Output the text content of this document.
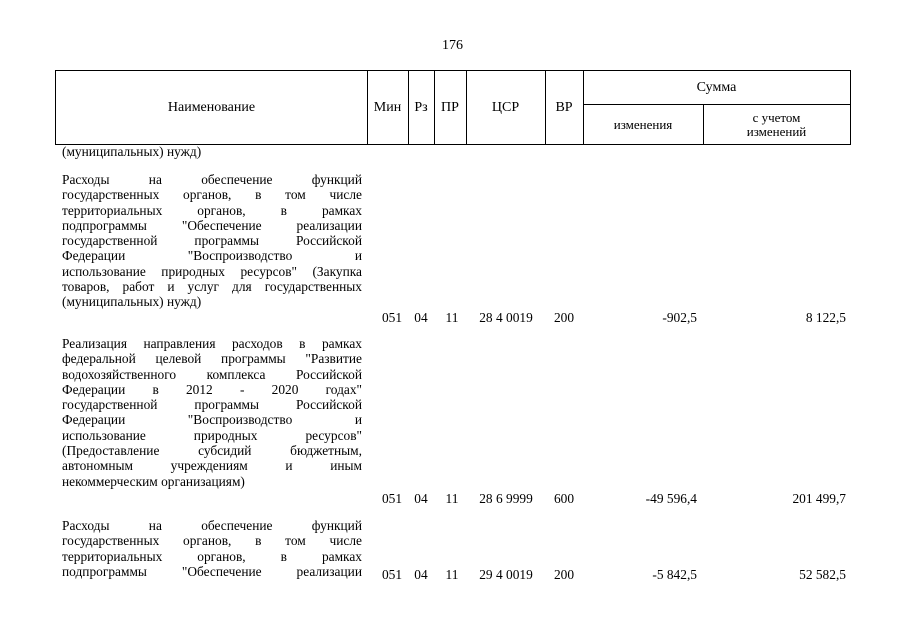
176
Наименование	Мин Рз ПР	ЦСР	ВР
Сумма
изменения	с учетом
изменений
(муниципальных) нужд)
Расходы на обеспечение функций
государственных органов, в том числе
территориальных органов, в рамках
подпрограммы "Обеспечение реализации
государственной программы Российской
Федерации "Воспроизводство и
использование природных ресурсов" (Закупка
товаров, работ и услуг для государственных
(муниципальных) нужд)
051 04 11 28 4 0019 200	-902,5	8 122,5
Реализация направления расходов в рамках
федеральной целевой программы "Развитие
водохозяйственного комплекса Российской
Федерации в 2012 - 2020 годах"
государственной программы Российской
Федерации "Воспроизводство и
использование природных ресурсов"
(Предоставление субсидий бюджетным,
автономным учреждениям и иным
некоммерческим организациям)
051 04 11 28 6 9999 600	-49 596,4	201 499,7
Расходы на обеспечение функций
государственных органов, в том числе
территориальных органов, в рамках
подпрограммы "Обеспечение реализации 051 04 11 29 4 0019 200	-5 842,5	52 582,5
